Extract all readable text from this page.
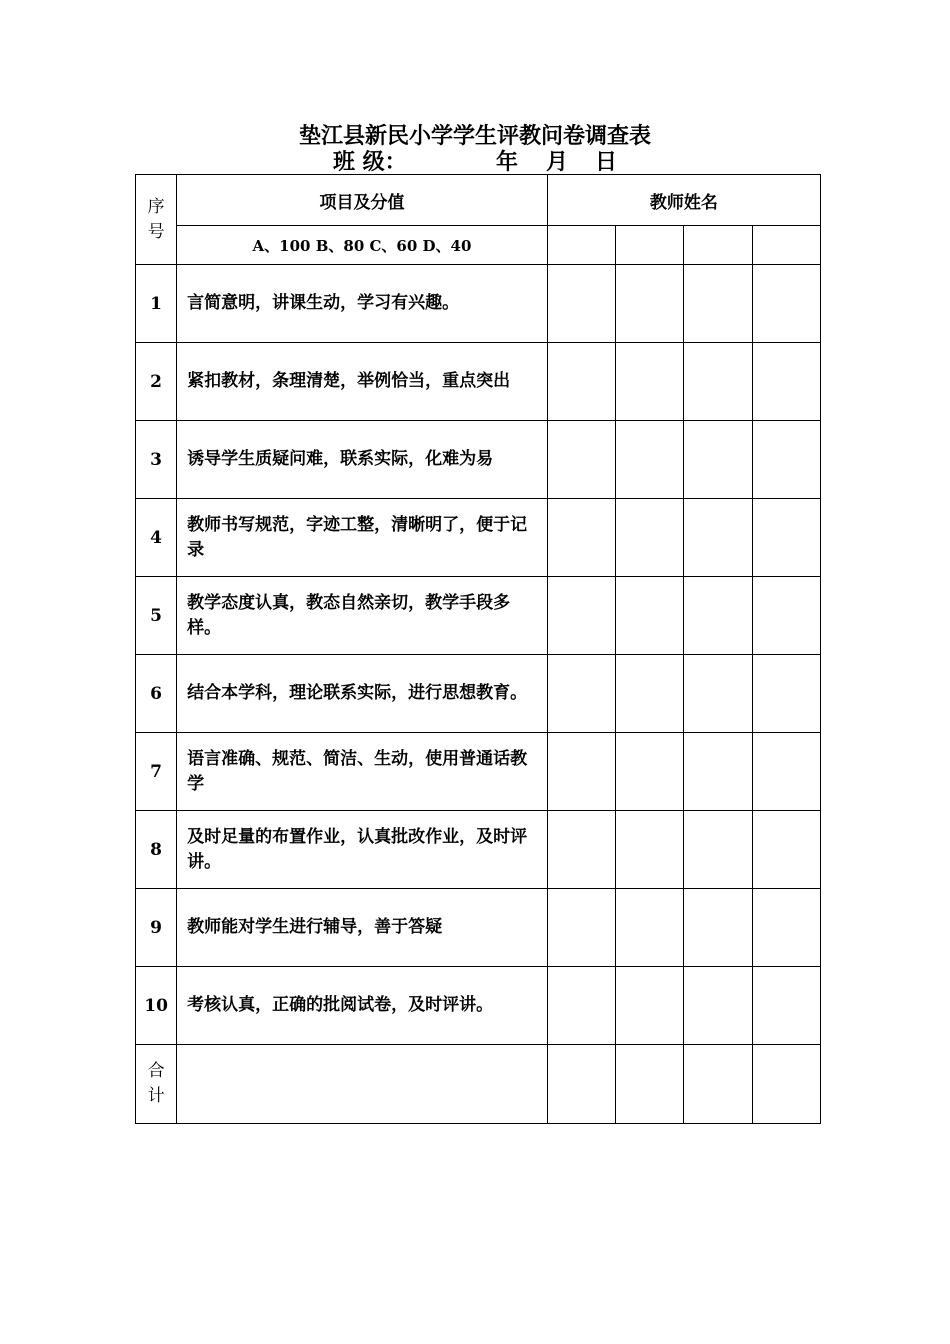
垫江县新民小学学生评教问卷调查表
班 级：	年 月 日
序号	项目及分值	教师姓名			
	A、100 B、80 C、60 D、40				
1	言简意明，讲课生动，学习有兴趣。				
2	紧扣教材，条理清楚，举例恰当，重点突出				
3	诱导学生质疑问难，联系实际，化难为易				
4	教师书写规范，字迹工整，清晰明了，便于记录				
5	教学态度认真，教态自然亲切，教学手段多样。				
6	结合本学科，理论联系实际，进行思想教育。				
7	语言准确、规范、简洁、生动，使用普通话教学				
8	及时足量的布置作业，认真批改作业，及时评讲。				
9	教师能对学生进行辅导，善于答疑				
10	考核认真，正确的批阅试卷，及时评讲。				
合计					
